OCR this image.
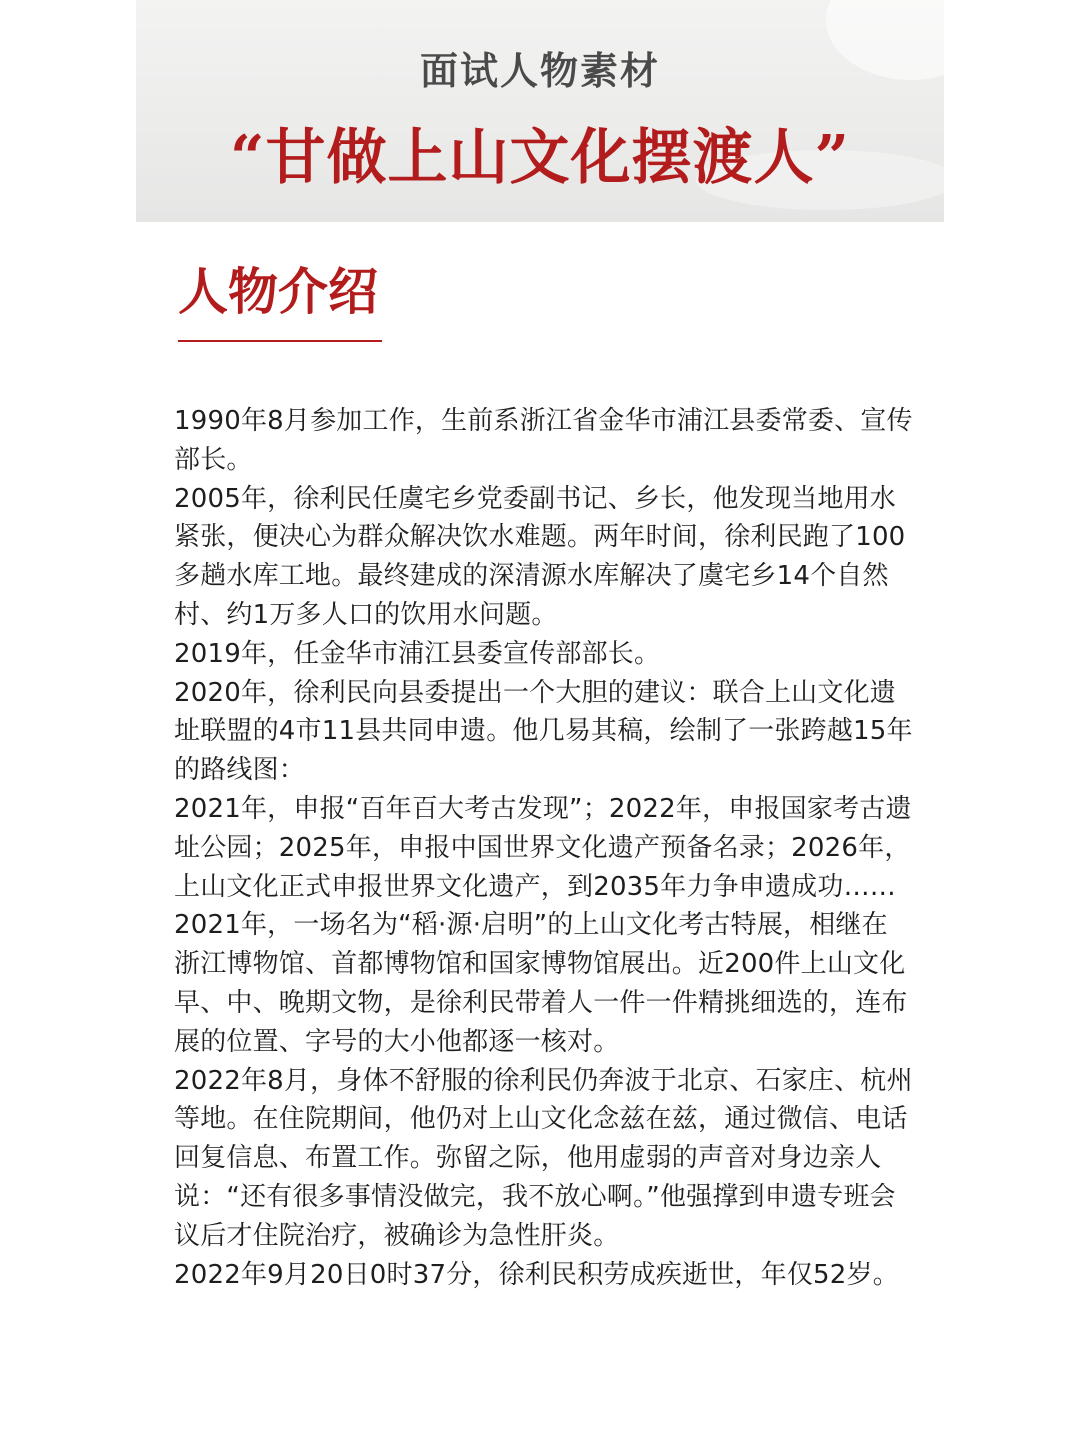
面试人物素材
“甘做上山文化摆渡人”
人物介绍

1990年8月参加工作，生前系浙江省金华市浦江县委常委、宣传部长。

2005年，徐利民任虞宅乡党委副书记、乡长，他发现当地用水紧张，便决心为群众解决饮水难题。两年时间，徐利民跑了100多趟水库工地。最终建成的深清源水库解决了虞宅乡14个自然村、约1万多人口的饮用水问题。

2019年，任金华市浦江县委宣传部部长。

2020年，徐利民向县委提出一个大胆的建议：联合上山文化遗址联盟的4市11县共同申遗。他几易其稿，绘制了一张跨越15年的路线图：

2021年，申报“百年百大考古发现”；2022年，申报国家考古遗址公园；2025年，申报中国世界文化遗产预备名录；2026年，上山文化正式申报世界文化遗产，到2035年力争申遗成功……

2021年，一场名为“稻·源·启明”的上山文化考古特展，相继在浙江博物馆、首都博物馆和国家博物馆展出。近200件上山文化早、中、晚期文物，是徐利民带着人一件一件精挑细选的，连布展的位置、字号的大小他都逐一核对。

2022年8月，身体不舒服的徐利民仍奔波于北京、石家庄、杭州等地。在住院期间，他仍对上山文化念兹在兹，通过微信、电话回复信息、布置工作。弥留之际，他用虚弱的声音对身边亲人说：“还有很多事情没做完，我不放心啊。”他强撑到申遗专班会议后才住院治疗，被确诊为急性肝炎。

2022年9月20日0时37分，徐利民积劳成疾逝世，年仅52岁。
